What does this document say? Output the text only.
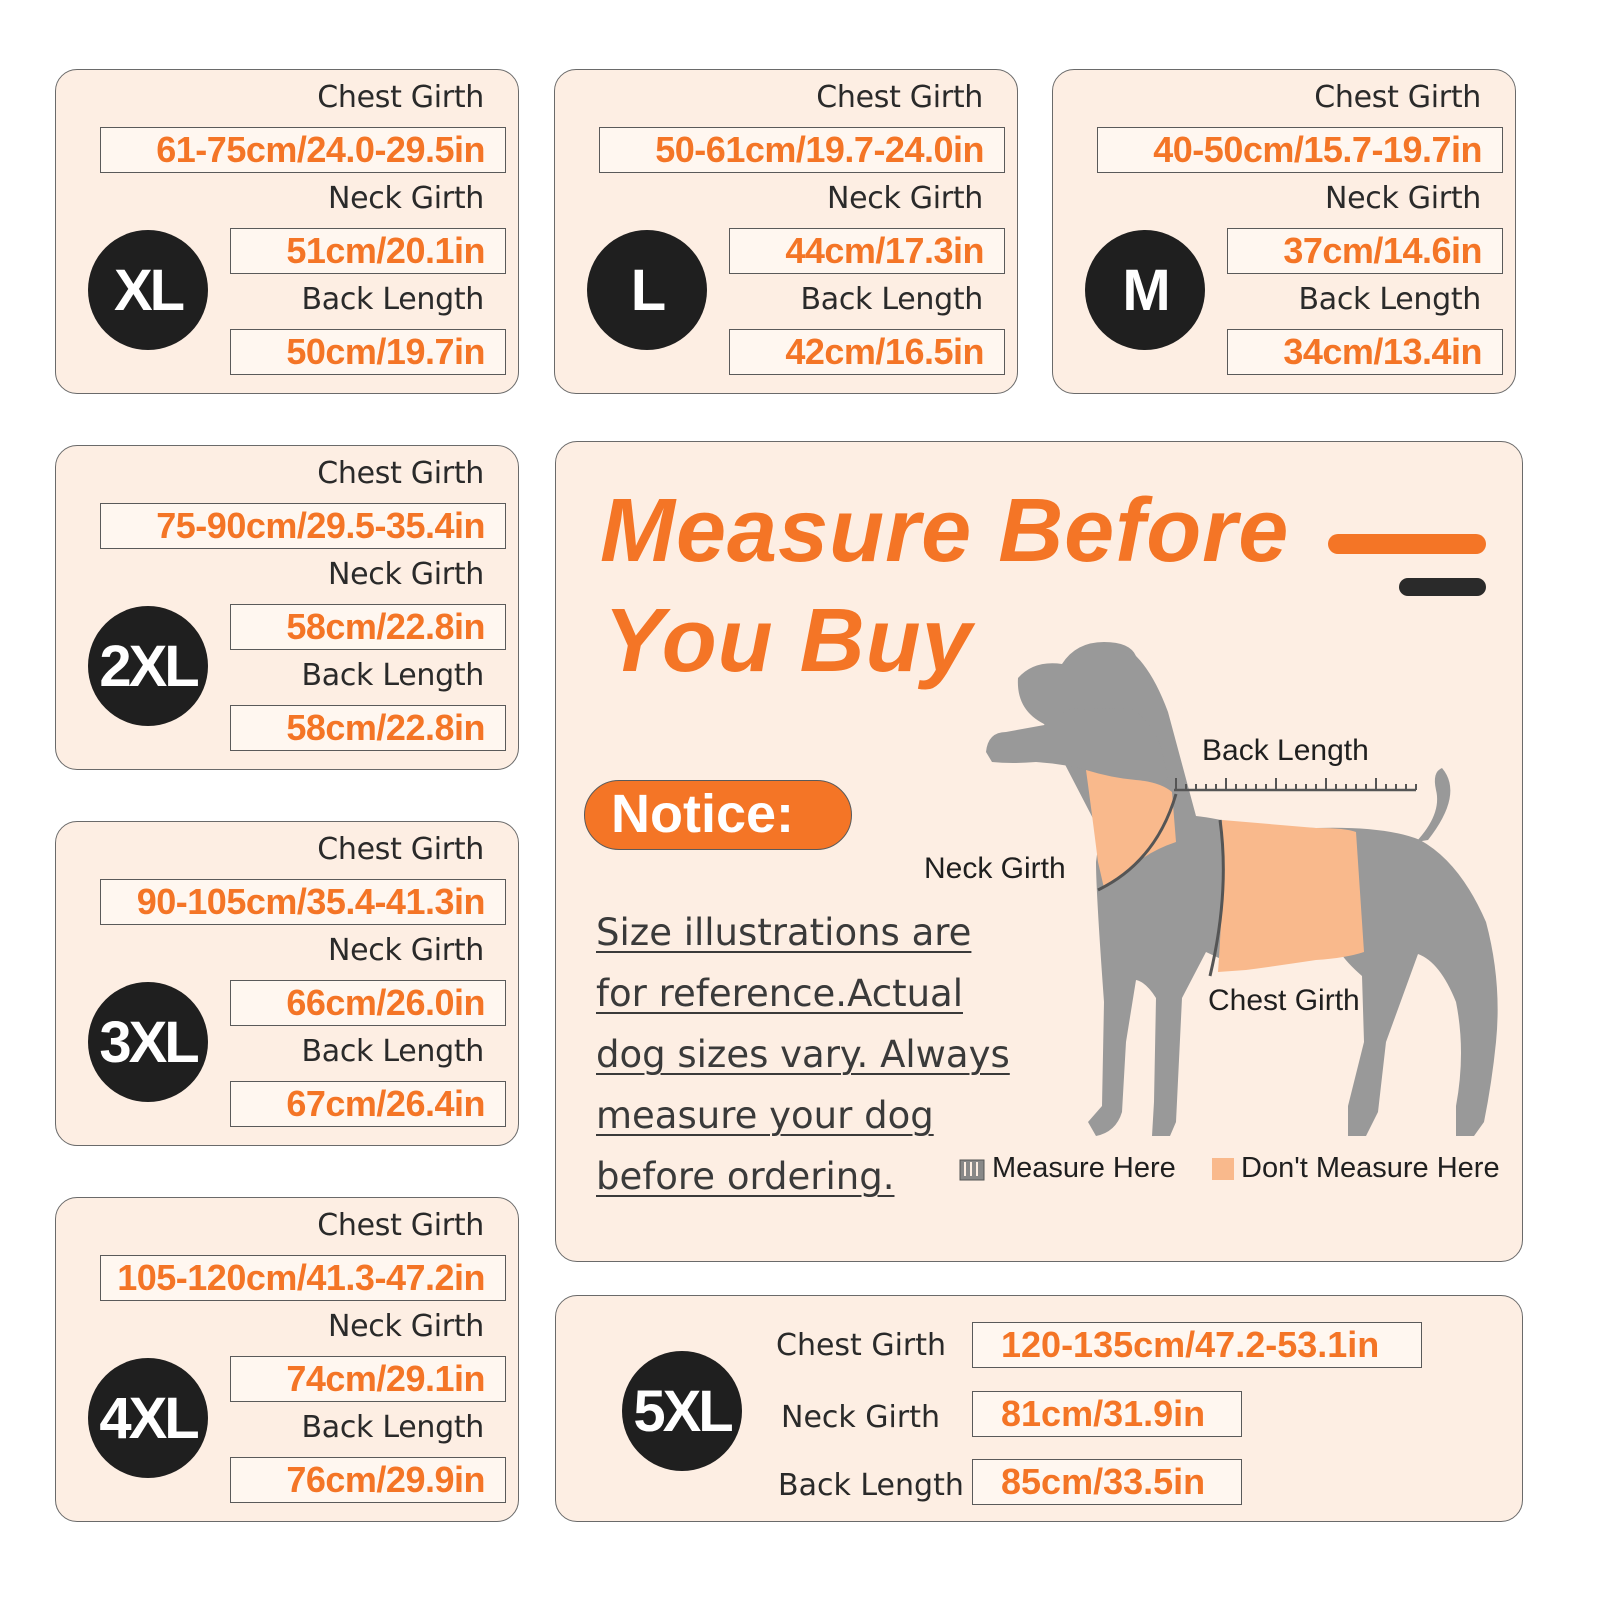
Chest Girth
61-75cm/24.0-29.5in
Neck Girth
51cm/20.1in
Back Length
50cm/19.7in
XL
Chest Girth
50-61cm/19.7-24.0in
Neck Girth
44cm/17.3in
Back Length
42cm/16.5in
L
Chest Girth
40-50cm/15.7-19.7in
Neck Girth
37cm/14.6in
Back Length
34cm/13.4in
M
Chest Girth
75-90cm/29.5-35.4in
Neck Girth
58cm/22.8in
Back Length
58cm/22.8in
2XL
Chest Girth
90-105cm/35.4-41.3in
Neck Girth
66cm/26.0in
Back Length
67cm/26.4in
3XL
Chest Girth
105-120cm/41.3-47.2in
Neck Girth
74cm/29.1in
Back Length
76cm/29.9in
4XL
Measure Before
You Buy
Notice:
Size illustrations are for reference.Actual dog sizes vary. Always measure your dog before ordering.
Back Length
Neck Girth
Chest Girth
Measure Here Don't Measure Here
5XL
Chest Girth
Neck Girth
Back Length
120-135cm/47.2-53.1in
81cm/31.9in
85cm/33.5in
